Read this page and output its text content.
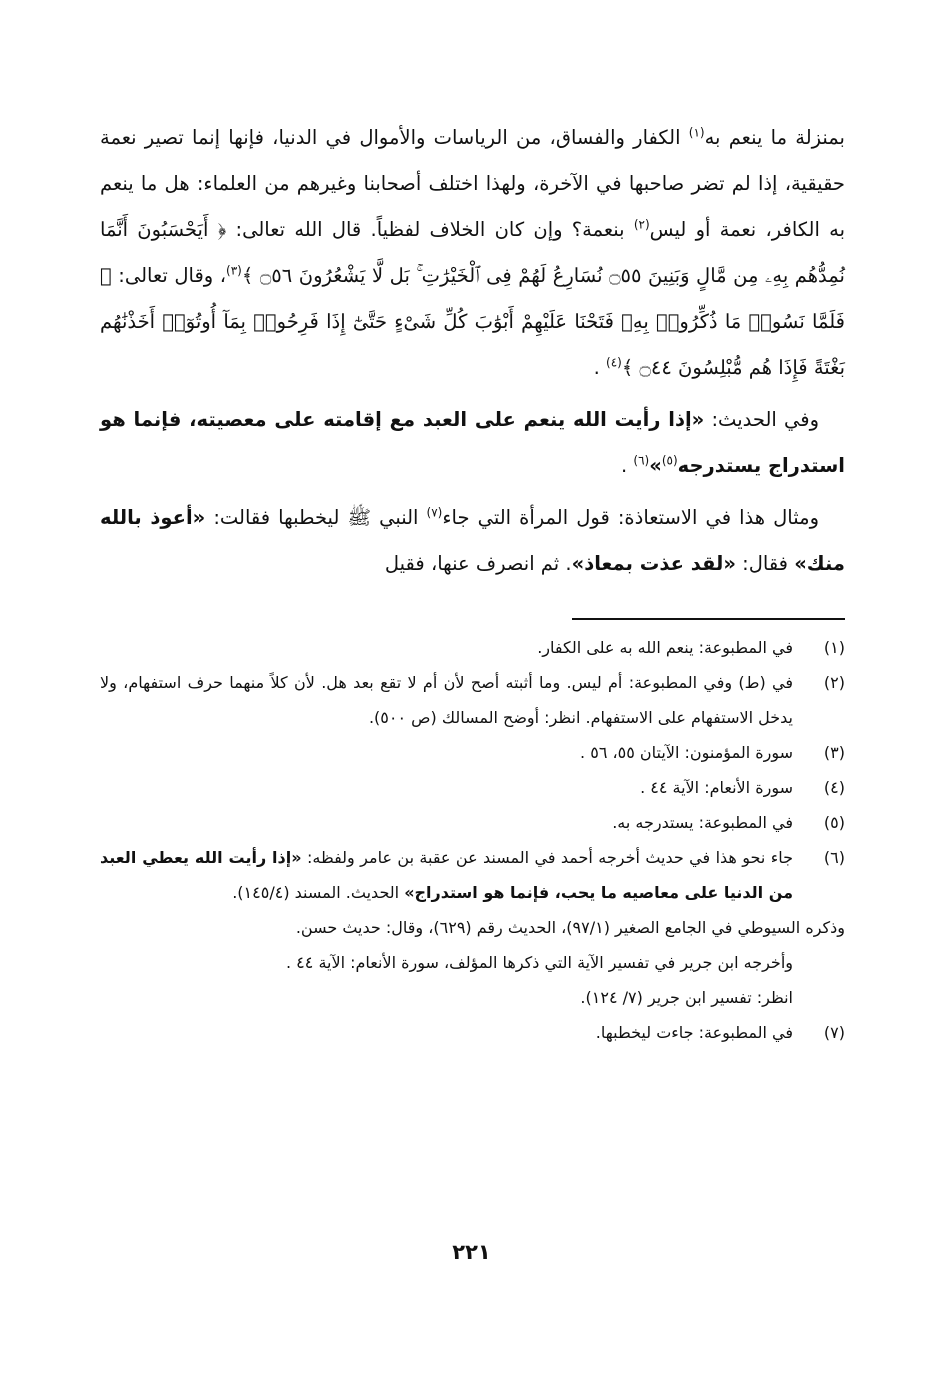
بمنزلة ما ينعم به$^{(١)}$ الكفار والفساق، من الرياسات والأموال في الدنيا، فإنها إنما تصير نعمة حقيقية، إذا لم تضر صاحبها في الآخرة، ولهذا اختلف أصحابنا وغيرهم من العلماء: هل ما ينعم به الكافر، نعمة أو ليس$^{(٢)}$ بنعمة؟ وإن كان الخلاف لفظياً. قال الله تعالى: ﴿ أَيَحْسَبُونَ أَنَّمَا نُمِدُّهُم بِهِۦ مِن مَّالٍ وَبَنِينَ ۝٥٥ نُسَارِعُ لَهُمْ فِى ٱلْخَيْرَٰتِ ۚ بَل لَّا يَشْعُرُونَ ۝٥٦ ﴾$^{(٣)}$، وقال تعالى: ﴿ فَلَمَّا نَسُوا۟ مَا ذُكِّرُوا۟ بِهِۦ فَتَحْنَا عَلَيْهِمْ أَبْوَٰبَ كُلِّ شَىْءٍ حَتَّىٰٓ إِذَا فَرِحُوا۟ بِمَآ أُوتُوٓا۟ أَخَذْنَٰهُم بَغْتَةً فَإِذَا هُم مُّبْلِسُونَ ۝٤٤ ﴾$^{(٤)}$ .

وفي الحديث: «إذا رأيت الله ينعم على العبد مع إقامته على معصيته، فإنما هو استدراج يستدرجه$^{(٥)}$»$^{(٦)}$ .

ومثال هذا في الاستعاذة: قول المرأة التي جاء$^{(٧)}$ النبي ﷺ ليخطبها فقالت: «أعوذ بالله منك» فقال: «لقد عذت بمعاذ». ثم انصرف عنها، فقيل

(١)
في المطبوعة: ينعم الله به على الكفار.
(٢)
في (ط) وفي المطبوعة: أم ليس. وما أثبته أصح لأن أم لا تقع بعد هل. لأن كلاً منهما حرف استفهام، ولا يدخل الاستفهام على الاستفهام. انظر: أوضح المسالك (ص ٥٠٠).
(٣)
سورة المؤمنون: الآيتان ٥٥، ٥٦ .
(٤)
سورة الأنعام: الآية ٤٤ .
(٥)
في المطبوعة: يستدرجه به.
(٦)
جاء نحو هذا في حديث أخرجه أحمد في المسند عن عقبة بن عامر ولفظه: «إذا رأيت الله يعطي العبد من الدنيا على معاصيه ما يحب، فإنما هو استدراج» الحديث. المسند (١٤٥/٤).

وذكره السيوطي في الجامع الصغير (٩٧/١)، الحديث رقم (٦٢٩)، وقال: حديث حسن.

وأخرجه ابن جرير في تفسير الآية التي ذكرها المؤلف، سورة الأنعام: الآية ٤٤ .

انظر: تفسير ابن جرير (٧/ ١٢٤).

(٧)
في المطبوعة: جاءت ليخطبها.
٢٢١
